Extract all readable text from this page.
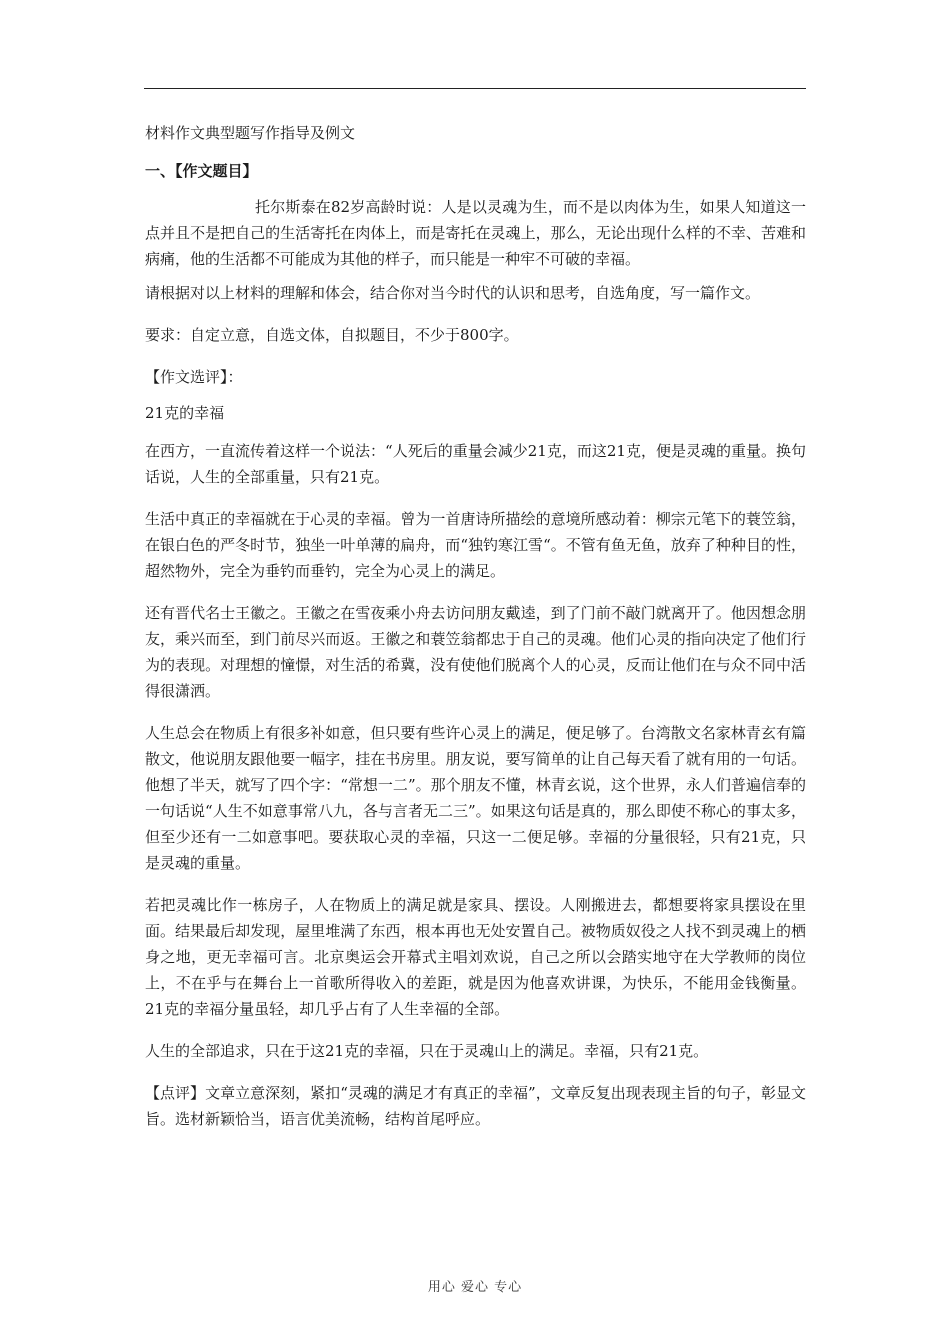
材料作文典型题写作指导及例文

一、【作文题目】

托尔斯泰在82岁高龄时说：人是以灵魂为生，而不是以肉体为生，如果人知道这一点并且不是把自己的生活寄托在肉体上，而是寄托在灵魂上，那么，无论出现什么样的不幸、苦难和病痛，他的生活都不可能成为其他的样子，而只能是一种牢不可破的幸福。

请根据对以上材料的理解和体会，结合你对当今时代的认识和思考，自选角度，写一篇作文。

要求：自定立意，自选文体，自拟题目，不少于800字。

【作文选评】：

21克的幸福

在西方，一直流传着这样一个说法：“人死后的重量会减少21克，而这21克，便是灵魂的重量。换句话说，人生的全部重量，只有21克。

生活中真正的幸福就在于心灵的幸福。曾为一首唐诗所描绘的意境所感动着：柳宗元笔下的蓑笠翁，在银白色的严冬时节，独坐一叶单薄的扁舟，而“独钓寒江雪“。不管有鱼无鱼，放弃了种种目的性，超然物外，完全为垂钓而垂钓，完全为心灵上的满足。

还有晋代名士王徽之。王徽之在雪夜乘小舟去访问朋友戴逵，到了门前不敲门就离开了。他因想念朋友，乘兴而至，到门前尽兴而返。王徽之和蓑笠翁都忠于自己的灵魂。他们心灵的指向决定了他们行为的表现。对理想的憧憬，对生活的希冀，没有使他们脱离个人的心灵，反而让他们在与众不同中活得很潇洒。

人生总会在物质上有很多补如意，但只要有些许心灵上的满足，便足够了。台湾散文名家林青玄有篇散文，他说朋友跟他要一幅字，挂在书房里。朋友说，要写简单的让自己每天看了就有用的一句话。他想了半天，就写了四个字：“常想一二”。那个朋友不懂，林青玄说，这个世界，永人们普遍信奉的一句话说“人生不如意事常八九，各与言者无二三”。如果这句话是真的，那么即使不称心的事太多，但至少还有一二如意事吧。要获取心灵的幸福，只这一二便足够。幸福的分量很轻，只有21克，只是灵魂的重量。

若把灵魂比作一栋房子，人在物质上的满足就是家具、摆设。人刚搬进去，都想要将家具摆设在里面。结果最后却发现，屋里堆满了东西，根本再也无处安置自己。被物质奴役之人找不到灵魂上的栖身之地，更无幸福可言。北京奥运会开幕式主唱刘欢说，自己之所以会踏实地守在大学教师的岗位上，不在乎与在舞台上一首歌所得收入的差距，就是因为他喜欢讲课，为快乐，不能用金钱衡量。21克的幸福分量虽轻，却几乎占有了人生幸福的全部。

人生的全部追求，只在于这21克的幸福，只在于灵魂山上的满足。幸福，只有21克。

【点评】文章立意深刻，紧扣“灵魂的满足才有真正的幸福”，文章反复出现表现主旨的句子，彰显文旨。选材新颖恰当，语言优美流畅，结构首尾呼应。

用心 爱心 专心
